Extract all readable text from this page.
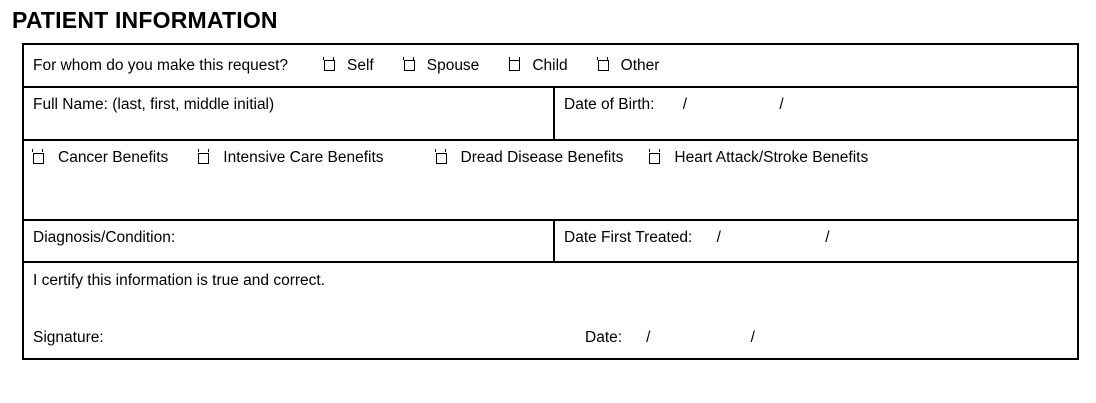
PATIENT INFORMATION
For whom do you make this request?	Self	Spouse	Child	Other
Full Name: (last, first, middle initial)	Date of Birth: / /
Cancer Benefits	Intensive Care Benefits	Dread Disease Benefits	Heart Attack/Stroke Benefits
Diagnosis/Condition:	Date First Treated: / /
I certify this information is true and correct.
Signature:	Date: / /
